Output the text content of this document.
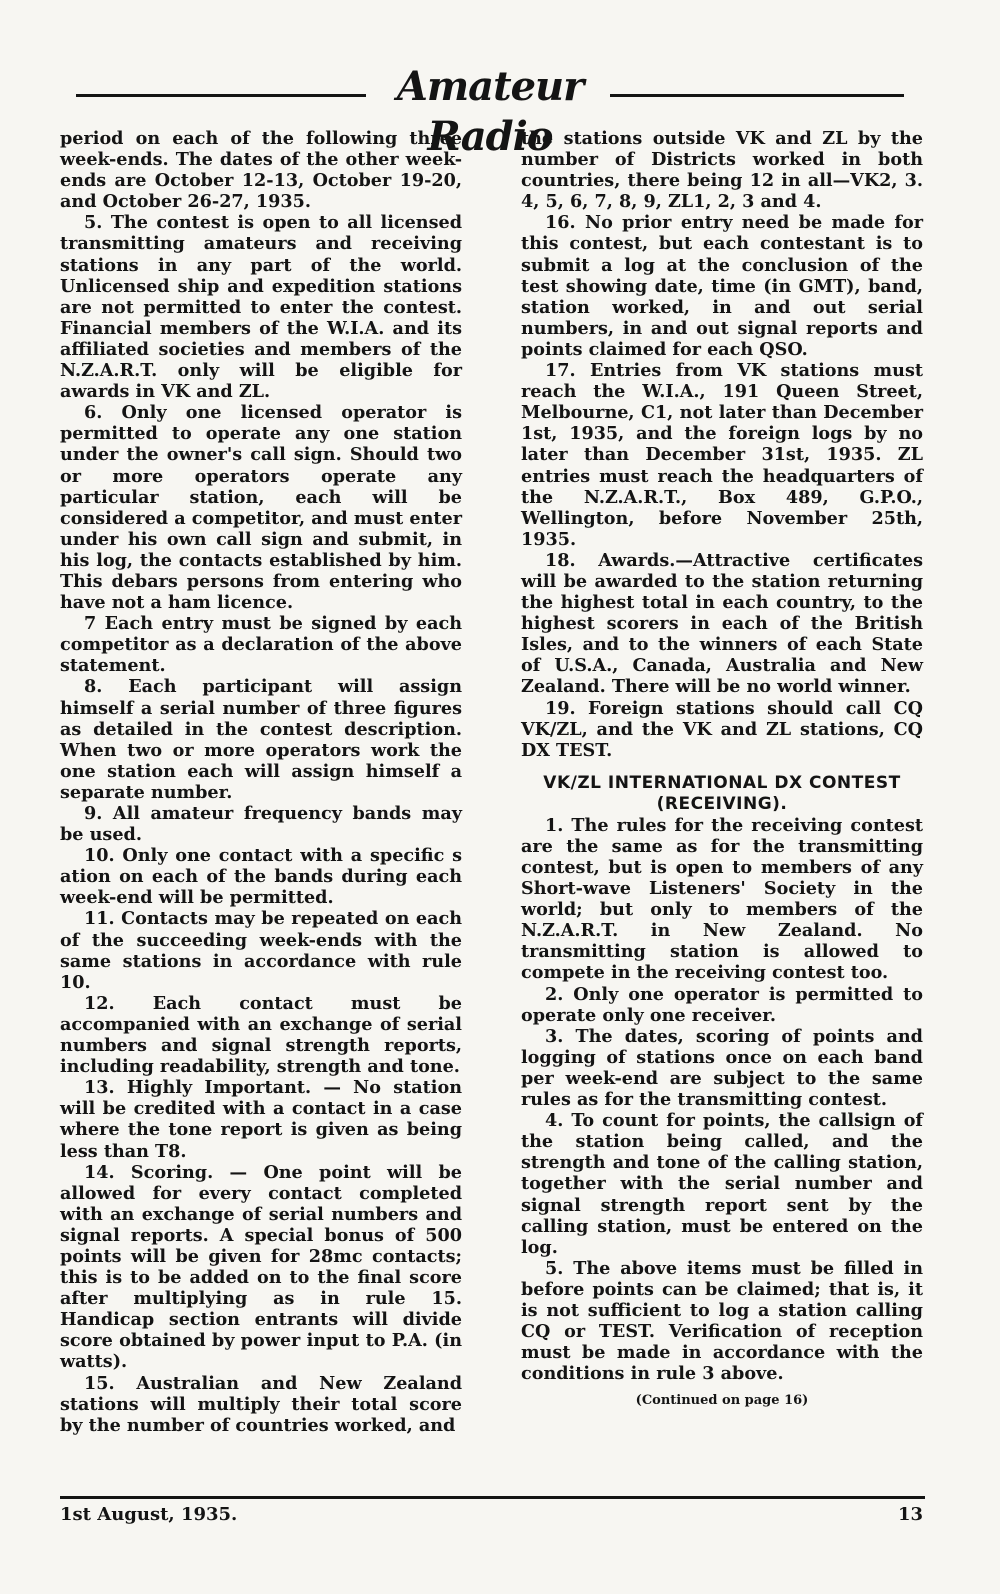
Amateur Radio

period on each of the following three week-ends. The dates of the other week-ends are October 12-13, October 19-20, and October 26-27, 1935.

5. The contest is open to all licensed transmitting amateurs and receiving stations in any part of the world. Unlicensed ship and expedition stations are not permitted to enter the contest. Financial members of the W.I.A. and its affiliated societies and members of the N.Z.A.R.T. only will be eligible for awards in VK and ZL.

6. Only one licensed operator is permitted to operate any one station under the owner's call sign. Should two or more operators operate any particular station, each will be considered a competitor, and must enter under his own call sign and submit, in his log, the contacts established by him. This debars persons from entering who have not a ham licence.

7 Each entry must be signed by each competitor as a declaration of the above statement.

8. Each participant will assign himself a serial number of three figures as detailed in the contest description. When two or more operators work the one station each will assign himself a separate number.

9. All amateur frequency bands may be used.

10. Only one contact with a specific s ation on each of the bands during each week-end will be permitted.

11. Contacts may be repeated on each of the succeeding week-ends with the same stations in accordance with rule 10.

12. Each contact must be accompanied with an exchange of serial numbers and signal strength reports, including readability, strength and tone.

13. Highly Important. — No station will be credited with a contact in a case where the tone report is given as being less than T8.

14. Scoring. — One point will be allowed for every contact completed with an exchange of serial numbers and signal reports. A special bonus of 500 points will be given for 28mc contacts; this is to be added on to the final score after multiplying as in rule 15. Handicap section entrants will divide score obtained by power input to P.A. (in watts).

15. Australian and New Zealand stations will multiply their total score by the number of countries worked, and

the stations outside VK and ZL by the number of Districts worked in both countries, there being 12 in all—VK2, 3. 4, 5, 6, 7, 8, 9, ZL1, 2, 3 and 4.

16. No prior entry need be made for this contest, but each contestant is to submit a log at the conclusion of the test showing date, time (in GMT), band, station worked, in and out serial numbers, in and out signal reports and points claimed for each QSO.

17. Entries from VK stations must reach the W.I.A., 191 Queen Street, Melbourne, C1, not later than December 1st, 1935, and the foreign logs by no later than December 31st, 1935. ZL entries must reach the headquarters of the N.Z.A.R.T., Box 489, G.P.O., Wellington, before November 25th, 1935.

18. Awards.—Attractive certificates will be awarded to the station returning the highest total in each country, to the highest scorers in each of the British Isles, and to the winners of each State of U.S.A., Canada, Australia and New Zealand. There will be no world winner.

19. Foreign stations should call CQ VK/ZL, and the VK and ZL stations, CQ DX TEST.

VK/ZL INTERNATIONAL DX CONTEST (RECEIVING).

1. The rules for the receiving contest are the same as for the transmitting contest, but is open to members of any Short-wave Listeners' Society in the world; but only to members of the N.Z.A.R.T. in New Zealand. No transmitting station is allowed to compete in the receiving contest too.

2. Only one operator is permitted to operate only one receiver.

3. The dates, scoring of points and logging of stations once on each band per week-end are subject to the same rules as for the transmitting contest.

4. To count for points, the callsign of the station being called, and the strength and tone of the calling station, together with the serial number and signal strength report sent by the calling station, must be entered on the log.

5. The above items must be filled in before points can be claimed; that is, it is not sufficient to log a station calling CQ or TEST. Verification of reception must be made in accordance with the conditions in rule 3 above.

(Continued on page 16)
1st August, 1935.	13
